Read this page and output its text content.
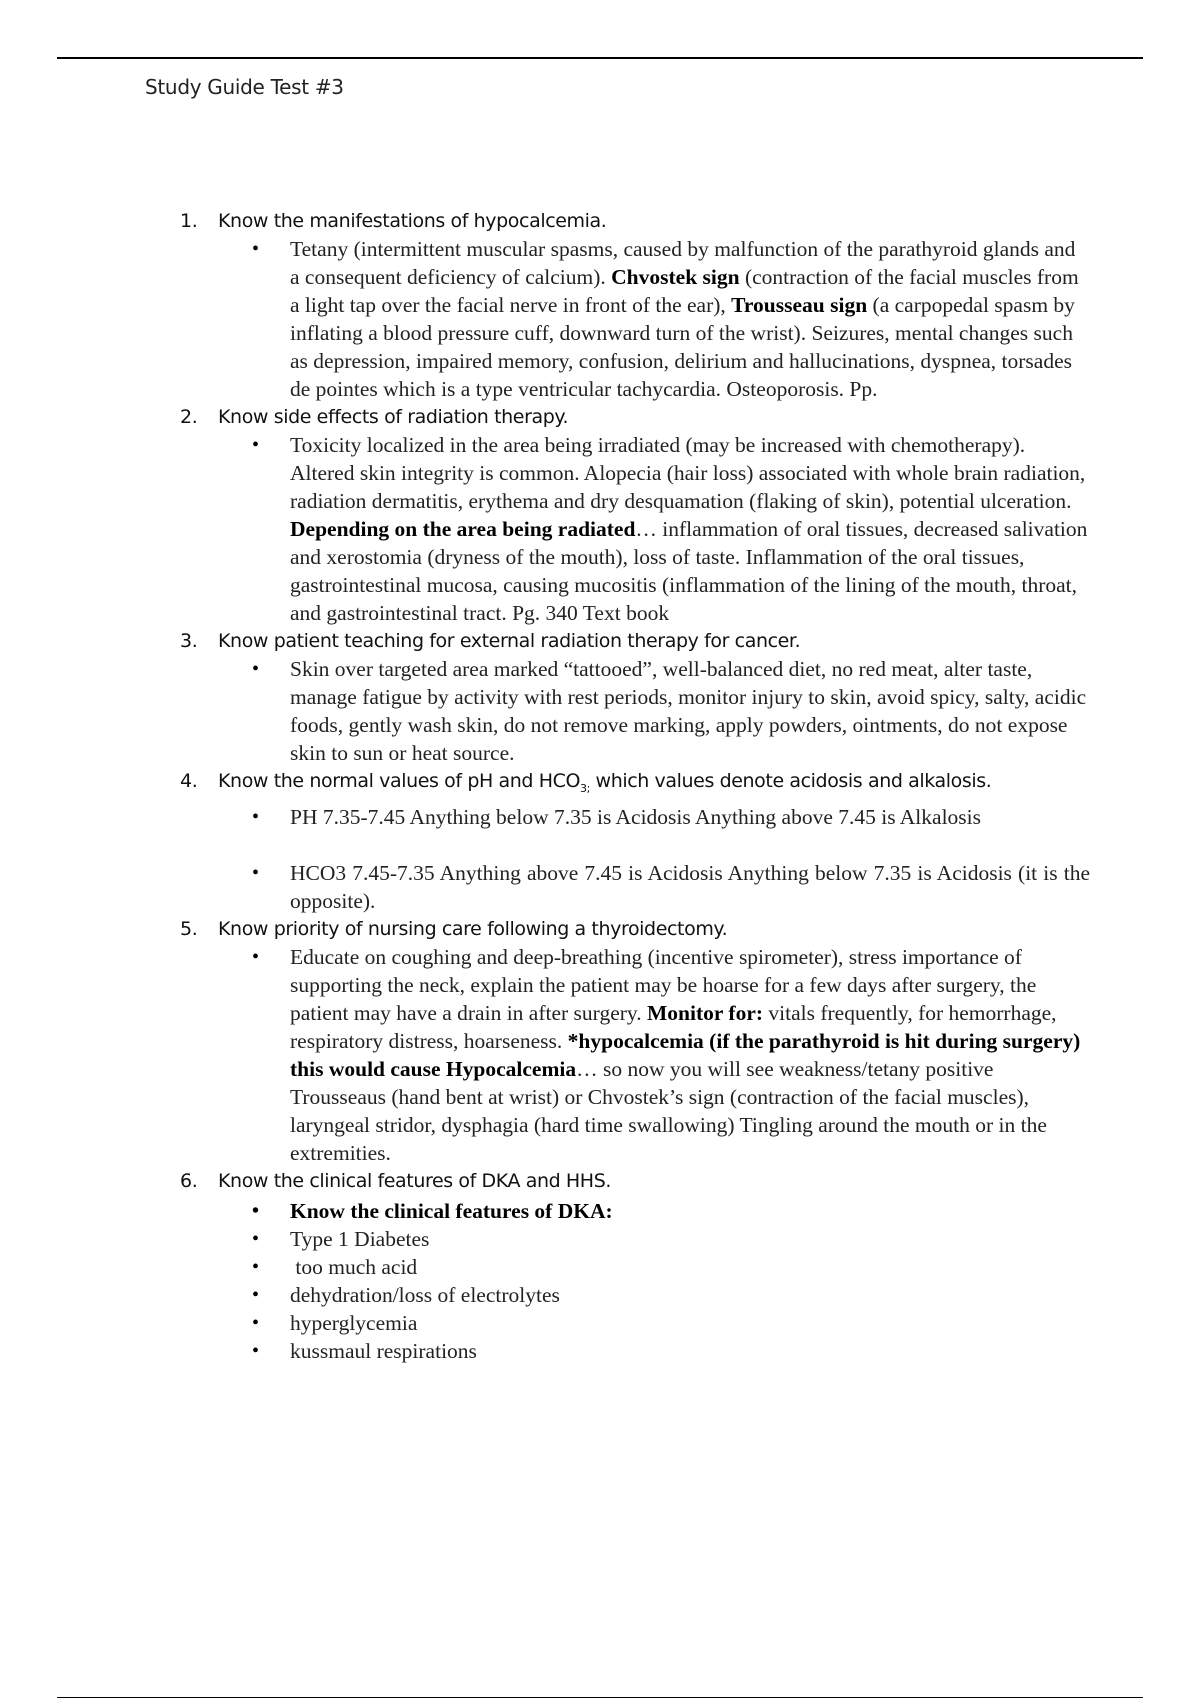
Study Guide Test #3
1. Know the manifestations of hypocalcemia.
• Tetany (intermittent muscular spasms, caused by malfunction of the parathyroid glands and a consequent deficiency of calcium). Chvostek sign (contraction of the facial muscles from a light tap over the facial nerve in front of the ear), Trousseau sign (a carpopedal spasm by inflating a blood pressure cuff, downward turn of the wrist). Seizures, mental changes such as depression, impaired memory, confusion, delirium and hallucinations, dyspnea, torsades de pointes which is a type ventricular tachycardia. Osteoporosis. Pp.
2. Know side effects of radiation therapy.
• Toxicity localized in the area being irradiated (may be increased with chemotherapy). Altered skin integrity is common. Alopecia (hair loss) associated with whole brain radiation, radiation dermatitis, erythema and dry desquamation (flaking of skin), potential ulceration. Depending on the area being radiated… inflammation of oral tissues, decreased salivation and xerostomia (dryness of the mouth), loss of taste. Inflammation of the oral tissues, gastrointestinal mucosa, causing mucositis (inflammation of the lining of the mouth, throat, and gastrointestinal tract. Pg. 340 Text book
3. Know patient teaching for external radiation therapy for cancer.
• Skin over targeted area marked “tattooed”, well-balanced diet, no red meat, alter taste, manage fatigue by activity with rest periods, monitor injury to skin, avoid spicy, salty, acidic foods, gently wash skin, do not remove marking, apply powders, ointments, do not expose skin to sun or heat source.
4. Know the normal values of pH and $HCO_{3;}$ which values denote acidosis and alkalosis.
• PH 7.35-7.45 Anything below 7.35 is Acidosis Anything above 7.45 is Alkalosis
• HCO3 7.45-7.35 Anything above 7.45 is Acidosis Anything below 7.35 is Acidosis (it is the opposite).
5. Know priority of nursing care following a thyroidectomy.
• Educate on coughing and deep-breathing (incentive spirometer), stress importance of supporting the neck, explain the patient may be hoarse for a few days after surgery, the patient may have a drain in after surgery. Monitor for: vitals frequently, for hemorrhage, respiratory distress, hoarseness. *hypocalcemia (if the parathyroid is hit during surgery) this would cause Hypocalcemia… so now you will see weakness/tetany positive Trousseaus (hand bent at wrist) or Chvostek’s sign (contraction of the facial muscles), laryngeal stridor, dysphagia (hard time swallowing) Tingling around the mouth or in the extremities.
6. Know the clinical features of DKA and HHS.
• Know the clinical features of DKA:
• Type 1 Diabetes
•  too much acid
• dehydration/loss of electrolytes
• hyperglycemia
• kussmaul respirations
